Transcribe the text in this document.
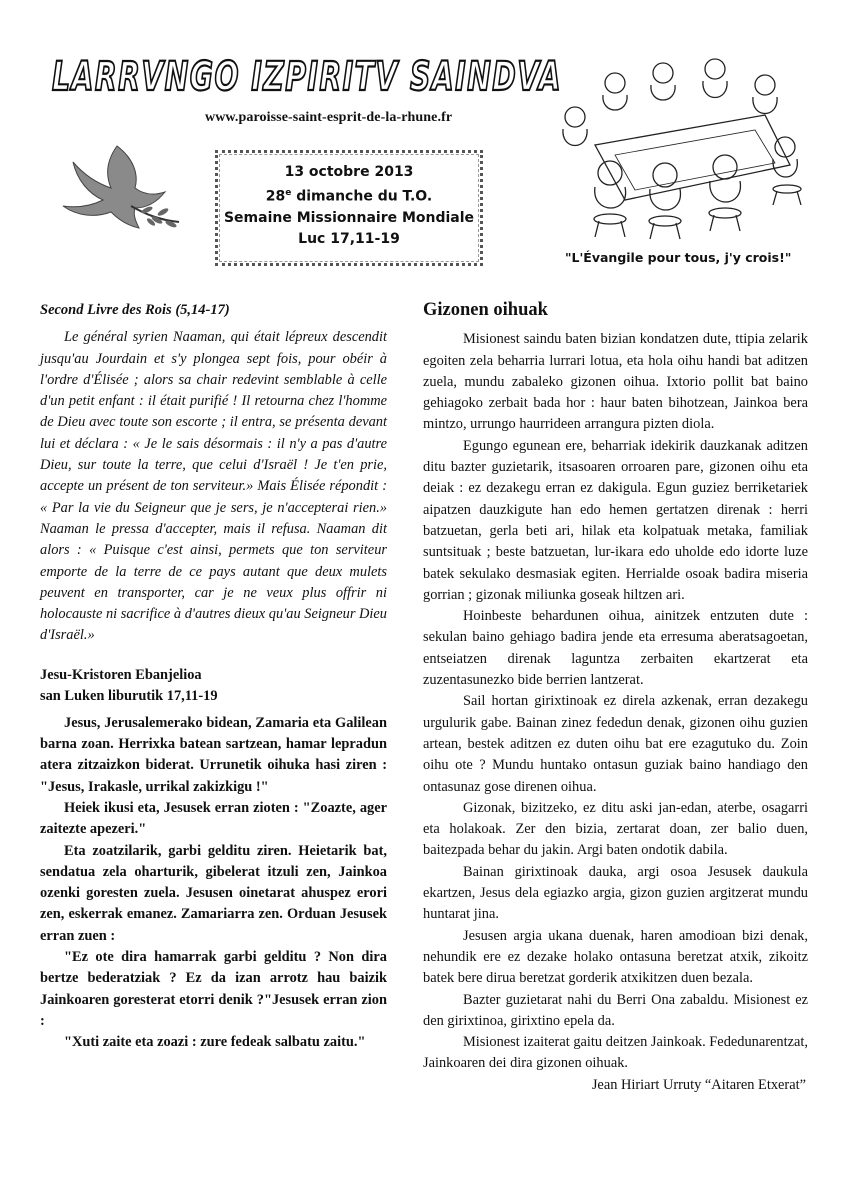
LARRVNGO IZPIRITV SAINDVA
www.paroisse-saint-esprit-de-la-rhune.fr
13 octobre 2013
28e dimanche du T.O.
Semaine Missionnaire Mondiale
Luc 17,11-19
"L'Évangile pour tous, j'y crois!"
Second Livre des Rois (5,14-17)
Le général syrien Naaman, qui était lépreux descendit jusqu'au Jourdain et s'y plongea sept fois, pour obéir à l'ordre d'Élisée ; alors sa chair redevint semblable à celle d'un petit enfant : il était purifié ! Il retourna chez l'homme de Dieu avec toute son escorte ; il entra, se présenta devant lui et déclara : « Je le sais désormais : il n'y a pas d'autre Dieu, sur toute la terre, que celui d'Israël ! Je t'en prie, accepte un présent de ton serviteur.» Mais Élisée répondit : « Par la vie du Seigneur que je sers, je n'accepterai rien.» Naaman le pressa d'accepter, mais il refusa. Naaman dit alors : « Puisque c'est ainsi, permets que ton serviteur emporte de la terre de ce pays autant que deux mulets peuvent en transporter, car je ne veux plus offrir ni holocauste ni sacrifice à d'autres dieux qu'au Seigneur Dieu d'Israël.»
Jesu-Kristoren Ebanjelioa
san Luken liburutik 17,11-19

Jesus, Jerusalemerako bidean, Zamaria eta Galilean barna zoan. Herrixka batean sartzean, hamar lepradun atera zitzaizkon biderat. Urrunetik oihuka hasi ziren : "Jesus, Irakasle, urrikal zakizkigu !"

Heiek ikusi eta, Jesusek erran zioten : "Zoazte, ager zaitezte apezeri."

Eta zoatzilarik, garbi gelditu ziren. Heietarik bat, sendatua zela oharturik, gibelerat itzuli zen, Jainkoa ozenki goresten zuela. Jesusen oinetarat ahuspez erori zen, eskerrak emanez. Zamariarra zen. Orduan Jesusek erran zuen :

"Ez ote dira hamarrak garbi gelditu ? Non dira bertze bederatziak ? Ez da izan arrotz hau baizik Jainkoaren goresterat etorri denik ?"Jesusek erran zion :

"Xuti zaite eta zoazi : zure fedeak salbatu zaitu."

Gizonen oihuak

Misionest saindu baten bizian kondatzen dute, ttipia zelarik egoiten zela beharria lurrari lotua, eta hola oihu handi bat aditzen zuela, mundu zabaleko gizonen oihua. Ixtorio pollit bat baino gehiagoko zerbait bada hor : haur baten bihotzean, Jainkoa bera mintzo, urrungo haurrideen arrangura pizten diola.

Egungo egunean ere, beharriak idekirik dauzkanak aditzen ditu bazter guzietarik, itsasoaren orroaren pare, gizonen oihu eta deiak : ez dezakegu erran ez dakigula. Egun guziez berriketariek aipatzen dauzkigute han edo hemen gertatzen direnak : herri batzuetan, gerla beti ari, hilak eta kolpatuak metaka, familiak suntsituak ; beste batzuetan, lur-ikara edo uholde edo idorte luze batek sekulako desmasiak egiten. Herrialde osoak badira miseria gorrian ; gizonak miliunka goseak hiltzen ari.

Hoinbeste behardunen oihua, ainitzek entzuten dute : sekulan baino gehiago badira jende eta erresuma aberatsagoetan, entseiatzen direnak laguntza zerbaiten ekartzerat eta zuzentasunezko bide berrien lantzerat.

Sail hortan girixtinoak ez direla azkenak, erran dezakegu urgulurik gabe. Bainan zinez fededun denak, gizonen oihu guzien artean, bestek aditzen ez duten oihu bat ere ezagutuko du. Zoin oihu ote ? Mundu huntako ontasun guziak baino handiago den ontasunaz gose direnen oihua.

Gizonak, bizitzeko, ez ditu aski jan-edan, aterbe, osagarri eta holakoak. Zer den bizia, zertarat doan, zer balio duen, baitezpada behar du jakin. Argi baten ondotik dabila.

Bainan girixtinoak dauka, argi osoa Jesusek daukula ekartzen, Jesus dela egiazko argia, gizon guzien argitzerat mundu huntarat jina.

Jesusen argia ukana duenak, haren amodioan bizi denak, nehundik ere ez dezake holako ontasuna beretzat atxik, zikoitz batek bere dirua beretzat gorderik atxikitzen duen bezala.

Bazter guzietarat nahi du Berri Ona zabaldu. Misionest ez den girixtinoa, girixtino epela da.

Misionest izaiterat gaitu deitzen Jainkoak. Fededunarentzat, Jainkoaren dei dira gizonen oihuak.

Jean Hiriart Urruty “Aitaren Etxerat”
